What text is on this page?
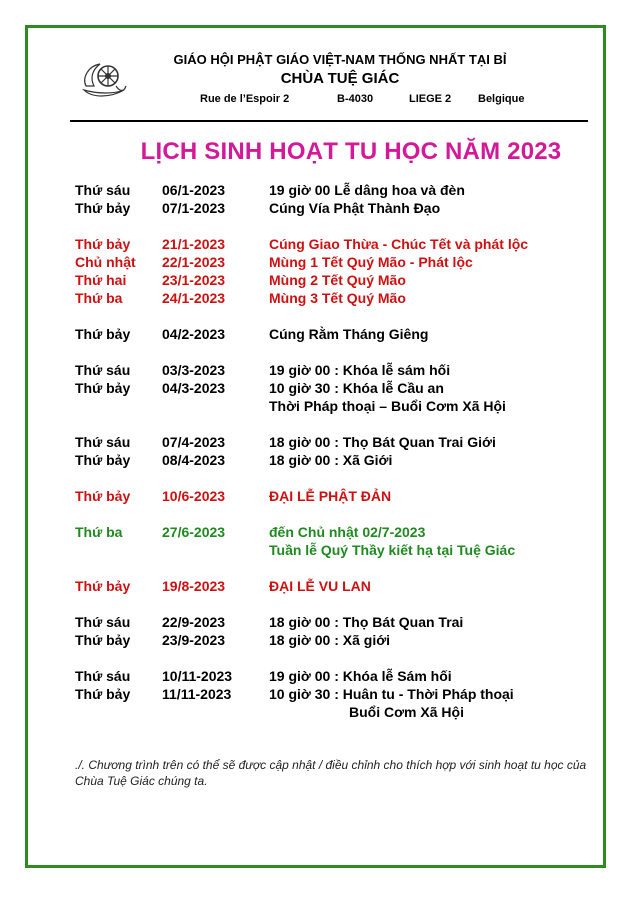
GIÁO HỘI PHẬT GIÁO VIỆT-NAM THỐNG NHẤT TẠI BỈ
CHÙA TUỆ GIÁC
Rue de l’Espoir 2	B-4030	LIEGE 2 Belgique
LỊCH SINH HOẠT TU HỌC NĂM 2023
Thứ sáu 06/1-2023	19 giờ 00 Lễ dâng hoa và đèn
Thứ bảy 07/1-2023	Cúng Vía Phật Thành Đạo
Thứ bảy 21/1-2023	Cúng Giao Thừa - Chúc Tết và phát lộc
Chủ nhật 22/1-2023	Mùng 1 Tết Quý Mão - Phát lộc
Thứ hai	23/1-2023	Mùng 2 Tết Quý Mão
Thứ ba	24/1-2023	Mùng 3 Tết Quý Mão
Thứ bảy 04/2-2023	Cúng Rằm Tháng Giêng
Thứ sáu 03/3-2023	19 giờ 00 : Khóa lễ sám hối
Thứ bảy 04/3-2023	10 giờ 30 : Khóa lễ Cầu an
Thời Pháp thoại – Buổi Cơm Xã Hội
Thứ sáu 07/4-2023	18 giờ 00 : Thọ Bát Quan Trai Giới
Thứ bảy 08/4-2023	18 giờ 00 : Xã Giới
Thứ bảy 10/6-2023	ĐẠI LỄ PHẬT ĐẢN
Thứ ba	27/6-2023	đến Chủ nhật 02/7-2023
Tuần lễ Quý Thầy kiết hạ tại Tuệ Giác
Thứ bảy 19/8-2023	ĐẠI LỄ VU LAN
Thứ sáu 22/9-2023	18 giờ 00 : Thọ Bát Quan Trai
Thứ bảy 23/9-2023	18 giờ 00 : Xã giới
Thứ sáu 10/11-2023	19 giờ 00 : Khóa lễ Sám hối
Thứ bảy 11/11-2023	10 giờ 30 : Huân tu - Thời Pháp thoại
Buổi Cơm Xã Hội
./. Chương trình trên có thể sẽ được cập nhật / điều chỉnh cho thích hợp với sinh hoạt tu học của Chùa Tuệ Giác chúng ta.
